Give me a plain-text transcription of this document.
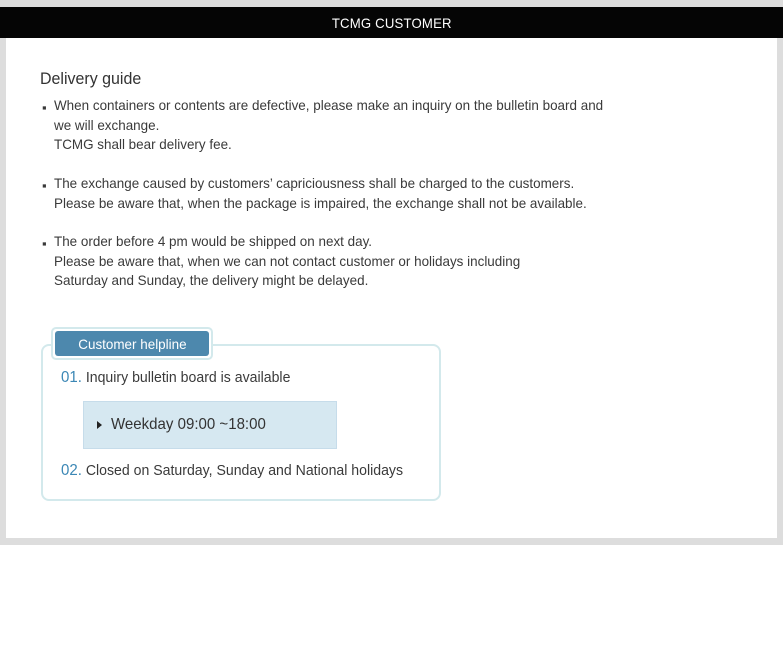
TCMG CUSTOMER
Delivery guide
▪ When containers or contents are defective, please make an inquiry on the bulletin board and
we will exchange.
TCMG shall bear delivery fee.
▪ The exchange caused by customers’ capriciousness shall be charged to the customers.
Please be aware that, when the package is impaired, the exchange shall not be available.
▪ The order before 4 pm would be shipped on next day.
Please be aware that, when we can not contact customer or holidays including
Saturday and Sunday, the delivery might be delayed.
Customer helpline
01. Inquiry bulletin board is available
Weekday 09:00 ~18:00
02. Closed on Saturday, Sunday and National holidays
